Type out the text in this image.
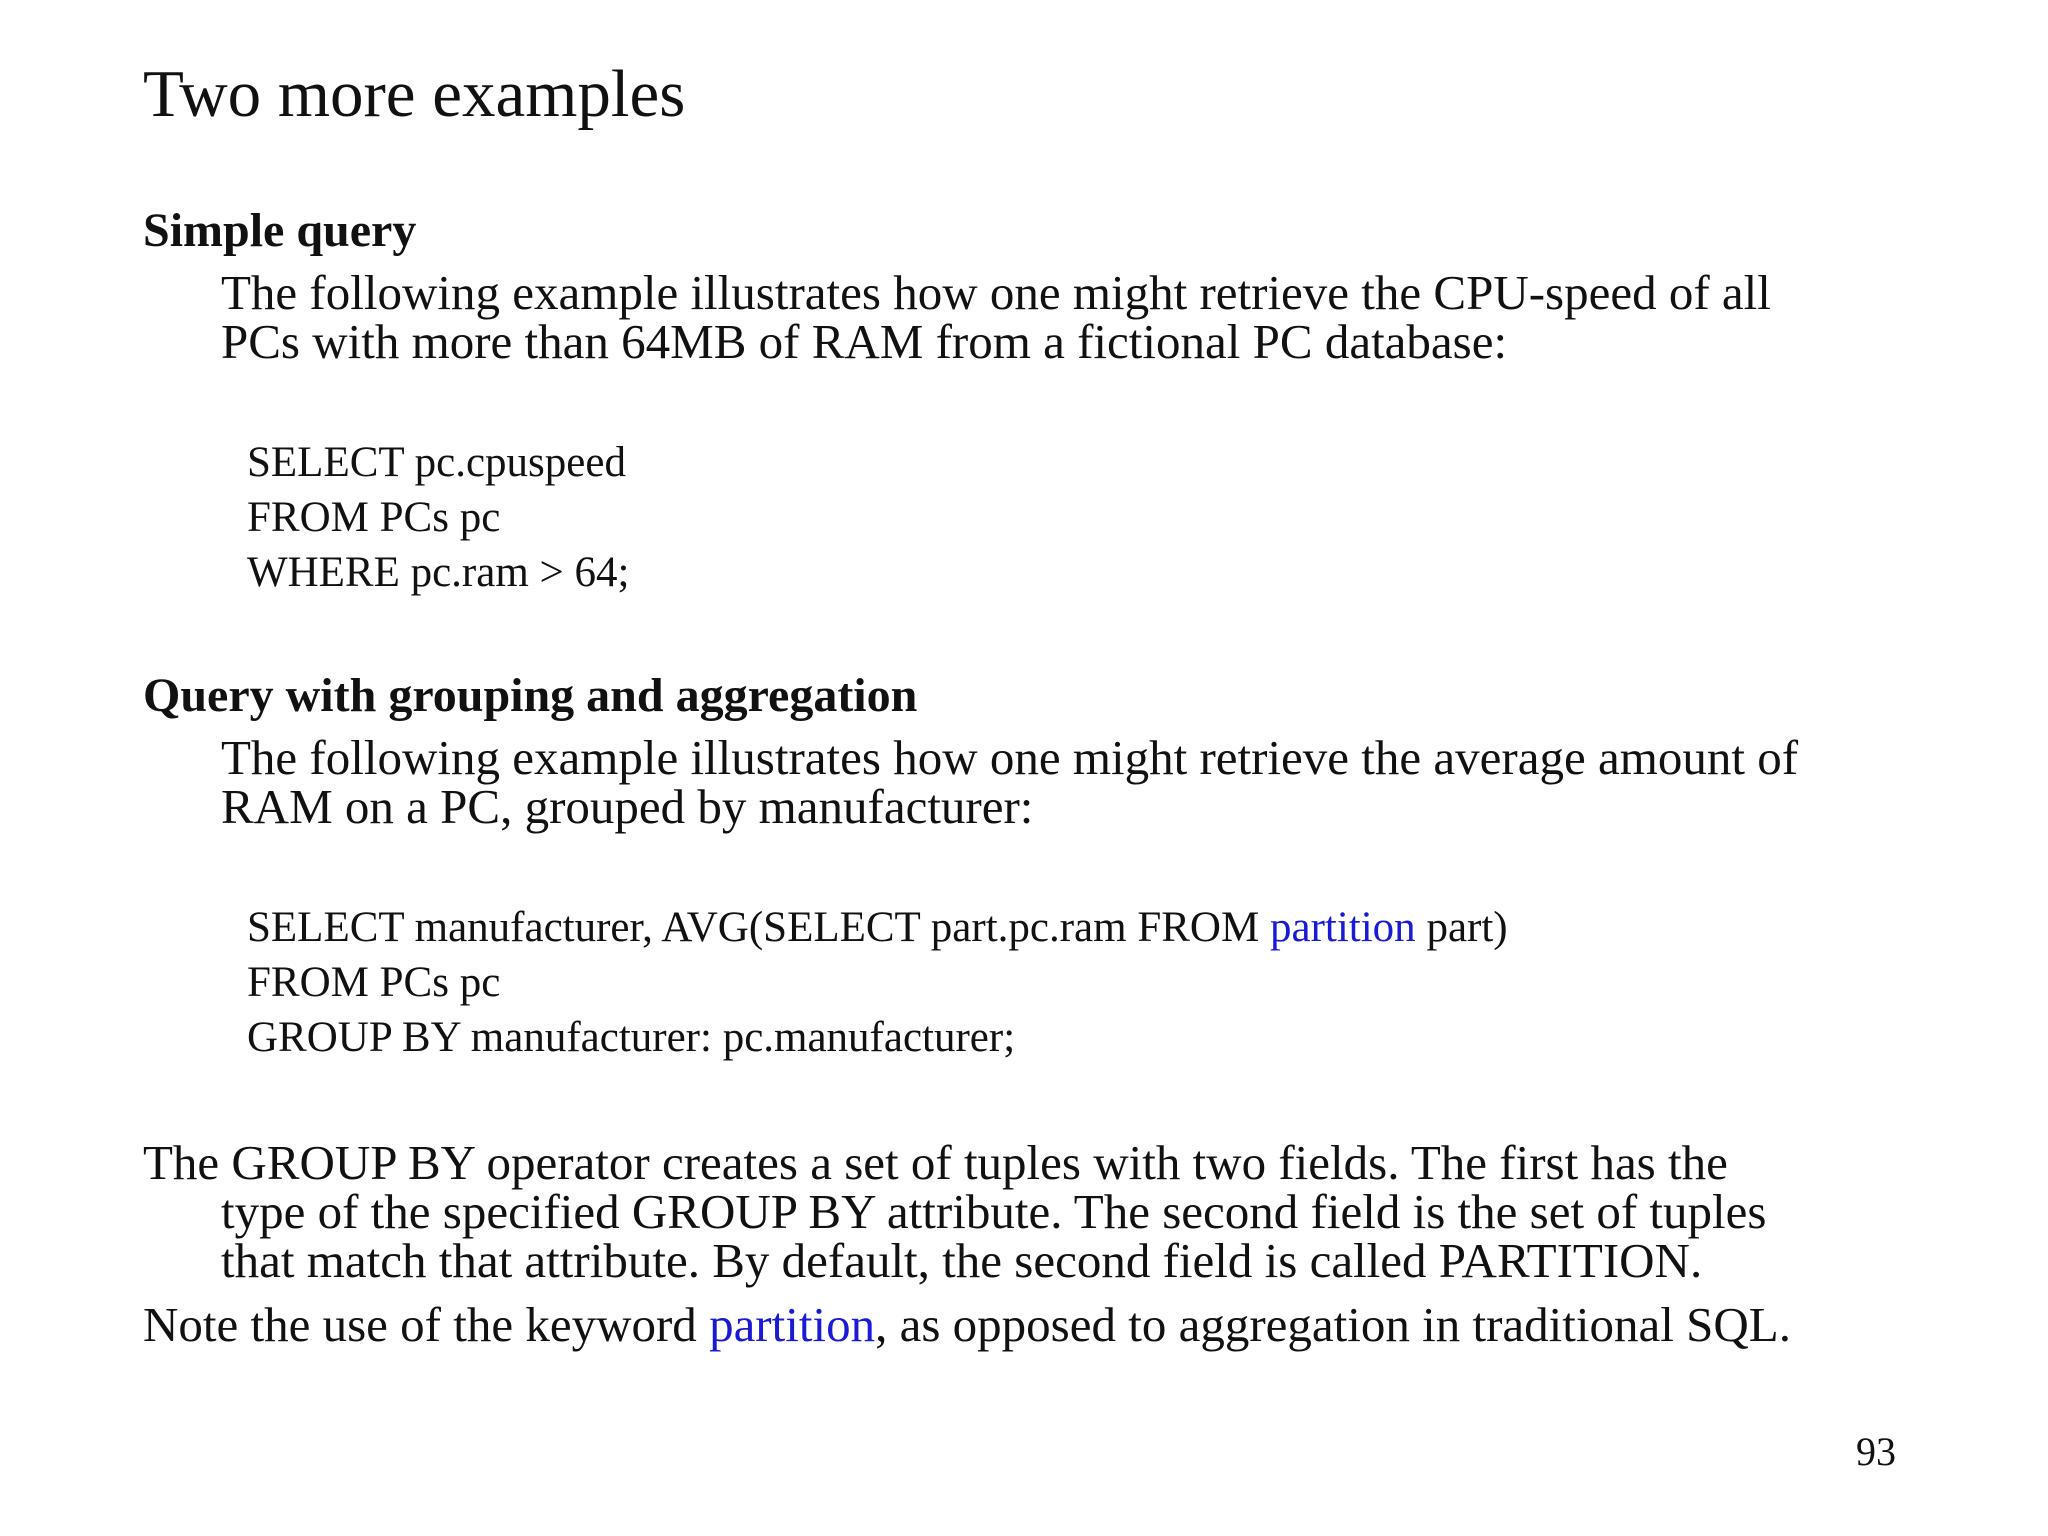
Two more examples
Simple query

The following example illustrates how one might retrieve the CPU-speed of all
PCs with more than 64MB of RAM from a fictional PC database:

SELECT pc.cpuspeed
FROM PCs pc
WHERE pc.ram > 64;
Query with grouping and aggregation

The following example illustrates how one might retrieve the average amount of
RAM on a PC, grouped by manufacturer:

SELECT manufacturer, AVG(SELECT part.pc.ram FROM partition part)
FROM PCs pc
GROUP BY manufacturer: pc.manufacturer;

The GROUP BY operator creates a set of tuples with two fields. The first has the
type of the specified GROUP BY attribute. The second field is the set of tuples
that match that attribute. By default, the second field is called PARTITION.

Note the use of the keyword partition, as opposed to aggregation in traditional SQL.

93
